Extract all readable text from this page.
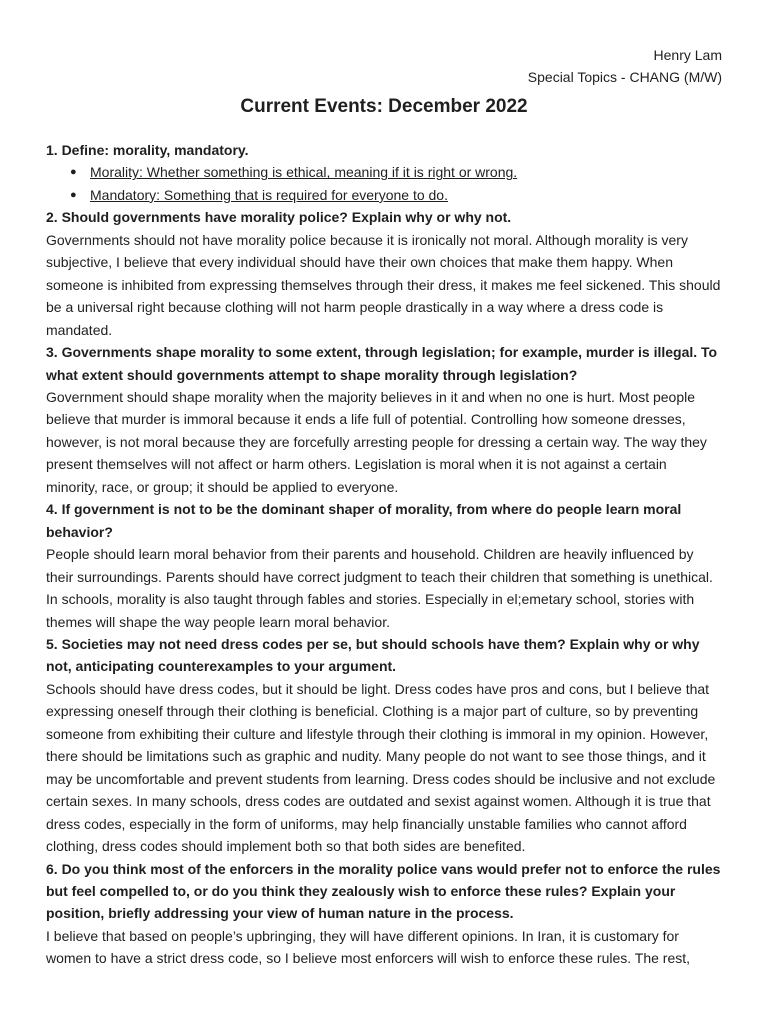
Henry Lam
Special Topics - CHANG (M/W)
Current Events: December 2022

1. Define: morality, mandatory.

● Morality: Whether something is ethical, meaning if it is right or wrong.
● Mandatory: Something that is required for everyone to do.

2. Should governments have morality police? Explain why or why not.

Governments should not have morality police because it is ironically not moral. Although morality is very subjective, I believe that every individual should have their own choices that make them happy. When someone is inhibited from expressing themselves through their dress, it makes me feel sickened. This should be a universal right because clothing will not harm people drastically in a way where a dress code is mandated.

3. Governments shape morality to some extent, through legislation; for example, murder is illegal. To what extent should governments attempt to shape morality through legislation?

Government should shape morality when the majority believes in it and when no one is hurt. Most people believe that murder is immoral because it ends a life full of potential. Controlling how someone dresses, however, is not moral because they are forcefully arresting people for dressing a certain way. The way they present themselves will not affect or harm others. Legislation is moral when it is not against a certain minority, race, or group; it should be applied to everyone.

4. If government is not to be the dominant shaper of morality, from where do people learn moral behavior?

People should learn moral behavior from their parents and household. Children are heavily influenced by their surroundings. Parents should have correct judgment to teach their children that something is unethical. In schools, morality is also taught through fables and stories. Especially in el;emetary school, stories with themes will shape the way people learn moral behavior.

5. Societies may not need dress codes per se, but should schools have them? Explain why or why not, anticipating counterexamples to your argument.

Schools should have dress codes, but it should be light. Dress codes have pros and cons, but I believe that expressing oneself through their clothing is beneficial. Clothing is a major part of culture, so by preventing someone from exhibiting their culture and lifestyle through their clothing is immoral in my opinion. However, there should be limitations such as graphic and nudity. Many people do not want to see those things, and it may be uncomfortable and prevent students from learning. Dress codes should be inclusive and not exclude certain sexes. In many schools, dress codes are outdated and sexist against women. Although it is true that dress codes, especially in the form of uniforms, may help financially unstable families who cannot afford clothing, dress codes should implement both so that both sides are benefited.

6. Do you think most of the enforcers in the morality police vans would prefer not to enforce the rules but feel compelled to, or do you think they zealously wish to enforce these rules? Explain your position, briefly addressing your view of human nature in the process.

I believe that based on people’s upbringing, they will have different opinions. In Iran, it is customary for women to have a strict dress code, so I believe most enforcers will wish to enforce these rules. The rest,
